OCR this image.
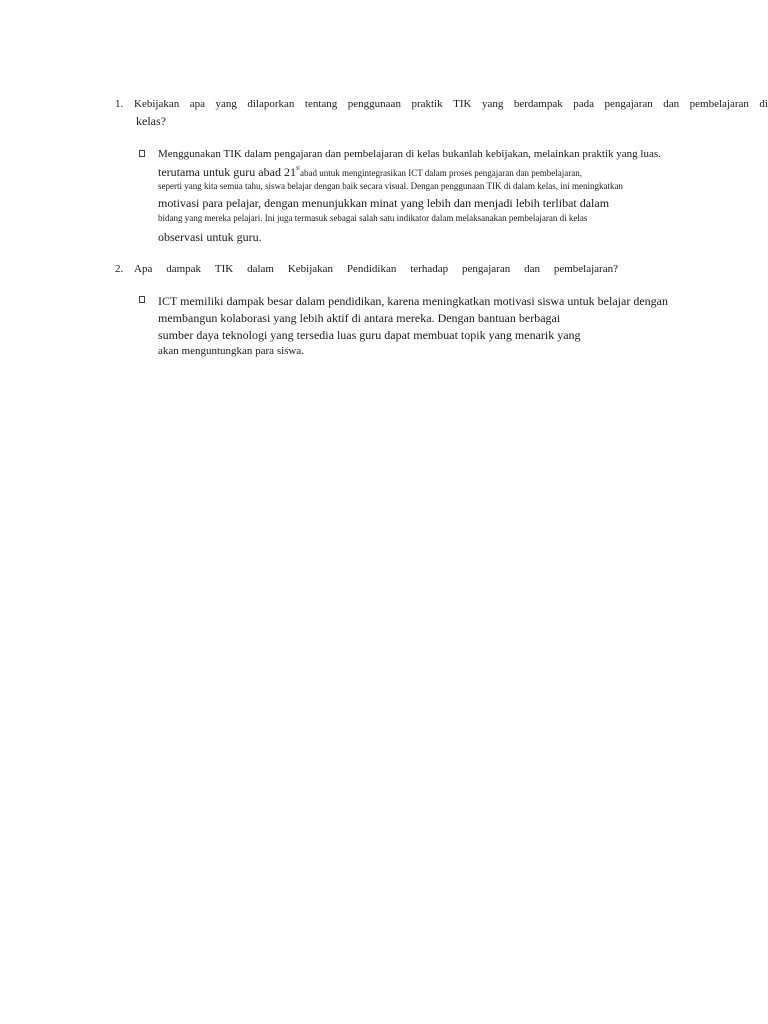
1. Kebijakan apa yang dilaporkan tentang penggunaan praktik TIK yang berdampak pada pengajaran dan pembelajaran di
kelas?
Menggunakan TIK dalam pengajaran dan pembelajaran di kelas bukanlah kebijakan, melainkan praktik yang luas.
terutama untuk guru abad 21stabad untuk mengintegrasikan ICT dalam proses pengajaran dan pembelajaran,
seperti yang kita semua tahu, siswa belajar dengan baik secara visual. Dengan penggunaan TIK di dalam kelas, ini meningkatkan
motivasi para pelajar, dengan menunjukkan minat yang lebih dan menjadi lebih terlibat dalam
bidang yang mereka pelajari. Ini juga termasuk sebagai salah satu indikator dalam melaksanakan pembelajaran di kelas
observasi untuk guru.
2. Apa dampak TIK dalam Kebijakan Pendidikan terhadap pengajaran dan pembelajaran?
ICT memiliki dampak besar dalam pendidikan, karena meningkatkan motivasi siswa untuk belajar dengan
membangun kolaborasi yang lebih aktif di antara mereka. Dengan bantuan berbagai
sumber daya teknologi yang tersedia luas guru dapat membuat topik yang menarik yang
akan menguntungkan para siswa.
